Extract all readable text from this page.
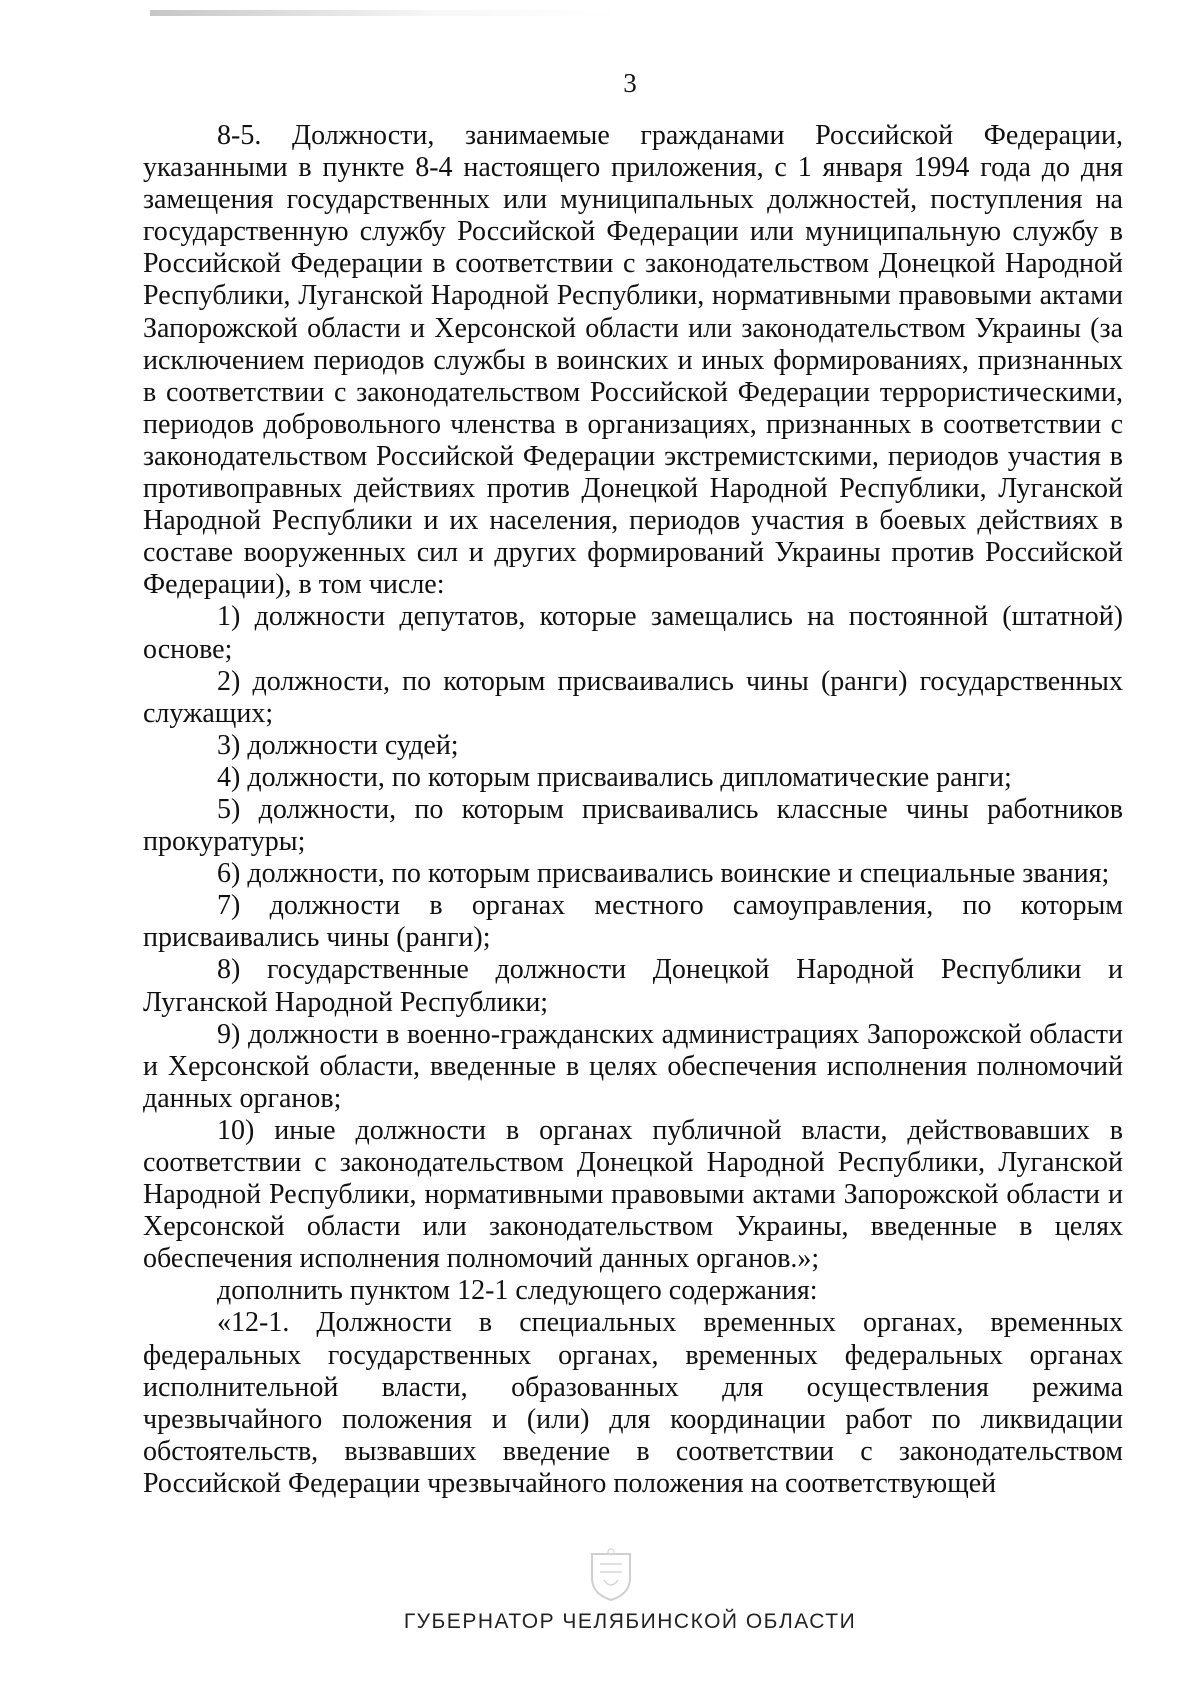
3

8-5. Должности, занимаемые гражданами Российской Федерации, указанными в пункте 8-4 настоящего приложения, с 1 января 1994 года до дня замещения государственных или муниципальных должностей, поступления на государственную службу Российской Федерации или муниципальную службу в Российской Федерации в соответствии с законодательством Донецкой Народной Республики, Луганской Народной Республики, нормативными правовыми актами Запорожской области и Херсонской области или законодательством Украины (за исключением периодов службы в воинских и иных формированиях, признанных в соответствии с законодательством Российской Федерации террористическими, периодов добровольного членства в организациях, признанных в соответствии с законодательством Российской Федерации экстремистскими, периодов участия в противоправных действиях против Донецкой Народной Республики, Луганской Народной Республики и их населения, периодов участия в боевых действиях в составе вооруженных сил и других формирований Украины против Российской Федерации), в том числе:

1) должности депутатов, которые замещались на постоянной (штатной) основе;

2) должности, по которым присваивались чины (ранги) государственных служащих;

3) должности судей;

4) должности, по которым присваивались дипломатические ранги;

5) должности, по которым присваивались классные чины работников прокуратуры;

6) должности, по которым присваивались воинские и специальные звания;

7) должности в органах местного самоуправления, по которым присваивались чины (ранги);

8) государственные должности Донецкой Народной Республики и Луганской Народной Республики;

9) должности в военно-гражданских администрациях Запорожской области и Херсонской области, введенные в целях обеспечения исполнения полномочий данных органов;

10) иные должности в органах публичной власти, действовавших в соответствии с законодательством Донецкой Народной Республики, Луганской Народной Республики, нормативными правовыми актами Запорожской области и Херсонской области или законодательством Украины, введенные в целях обеспечения исполнения полномочий данных органов.»;

дополнить пунктом 12-1 следующего содержания:

«12-1. Должности в специальных временных органах, временных федеральных государственных органах, временных федеральных органах исполнительной власти, образованных для осуществления режима чрезвычайного положения и (или) для координации работ по ликвидации обстоятельств, вызвавших введение в соответствии с законодательством Российской Федерации чрезвычайного положения на соответствующей

ГУБЕРНАТОР ЧЕЛЯБИНСКОЙ ОБЛАСТИ
